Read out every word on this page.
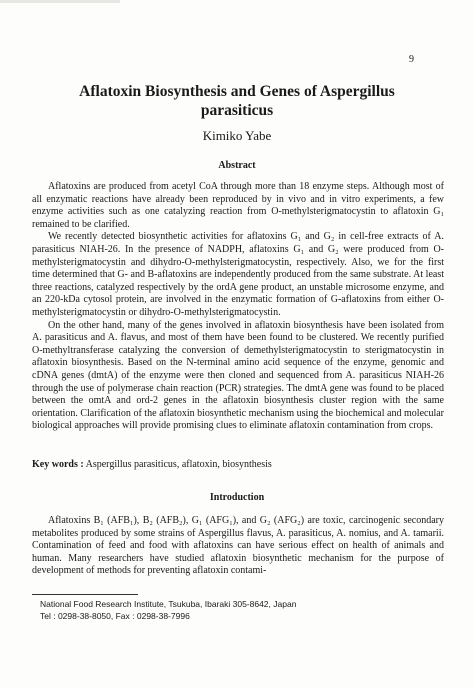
9
Aflatoxin Biosynthesis and Genes of Aspergillus
parasiticus
Kimiko Yabe
Abstract

Aflatoxins are produced from acetyl CoA through more than 18 enzyme steps. Although most of all enzymatic reactions have already been reproduced by in vivo and in vitro experiments, a few enzyme activities such as one catalyzing reaction from O-methylsterigmatocystin to aflatoxin G₁ remained to be clarified.

We recently detected biosynthetic activities for aflatoxins G₁ and G₂ in cell-free extracts of A. parasiticus NIAH-26. In the presence of NADPH, aflatoxins G₁ and G₂ were produced from O-methylsterigmatocystin and dihydro-O-methylsterigmatocystin, respectively. Also, we for the first time determined that G- and B-aflatoxins are independently produced from the same substrate. At least three reactions, catalyzed respectively by the ordA gene product, an unstable microsome enzyme, and an 220-kDa cytosol protein, are involved in the enzymatic formation of G-aflatoxins from either O-methylsterigmatocystin or dihydro-O-methylsterigmatocystin.

On the other hand, many of the genes involved in aflatoxin biosynthesis have been isolated from A. parasiticus and A. flavus, and most of them have been found to be clustered. We recently purified O-methyltransferase catalyzing the conversion of demethylsterigmatocystin to sterigmatocystin in aflatoxin biosynthesis. Based on the N-terminal amino acid sequence of the enzyme, genomic and cDNA genes (dmtA) of the enzyme were then cloned and sequenced from A. parasiticus NIAH-26 through the use of polymerase chain reaction (PCR) strategies. The dmtA gene was found to be placed between the omtA and ord-2 genes in the aflatoxin biosynthesis cluster region with the same orientation. Clarification of the aflatoxin biosynthetic mechanism using the biochemical and molecular biological approaches will provide promising clues to eliminate aflatoxin contamination from crops.

Key words : Aspergillus parasiticus, aflatoxin, biosynthesis
Introduction

Aflatoxins B₁ (AFB₁), B₂ (AFB₂), G₁ (AFG₁), and G₂ (AFG₂) are toxic, carcinogenic secondary metabolites produced by some strains of Aspergillus flavus, A. parasiticus, A. nomius, and A. tamarii. Contamination of feed and food with aflatoxins can have serious effect on health of animals and human. Many researchers have studied aflatoxin biosynthetic mechanism for the purpose of development of methods for preventing aflatoxin contami-

National Food Research Institute, Tsukuba, Ibaraki 305-8642, Japan
Tel : 0298-38-8050, Fax : 0298-38-7996
